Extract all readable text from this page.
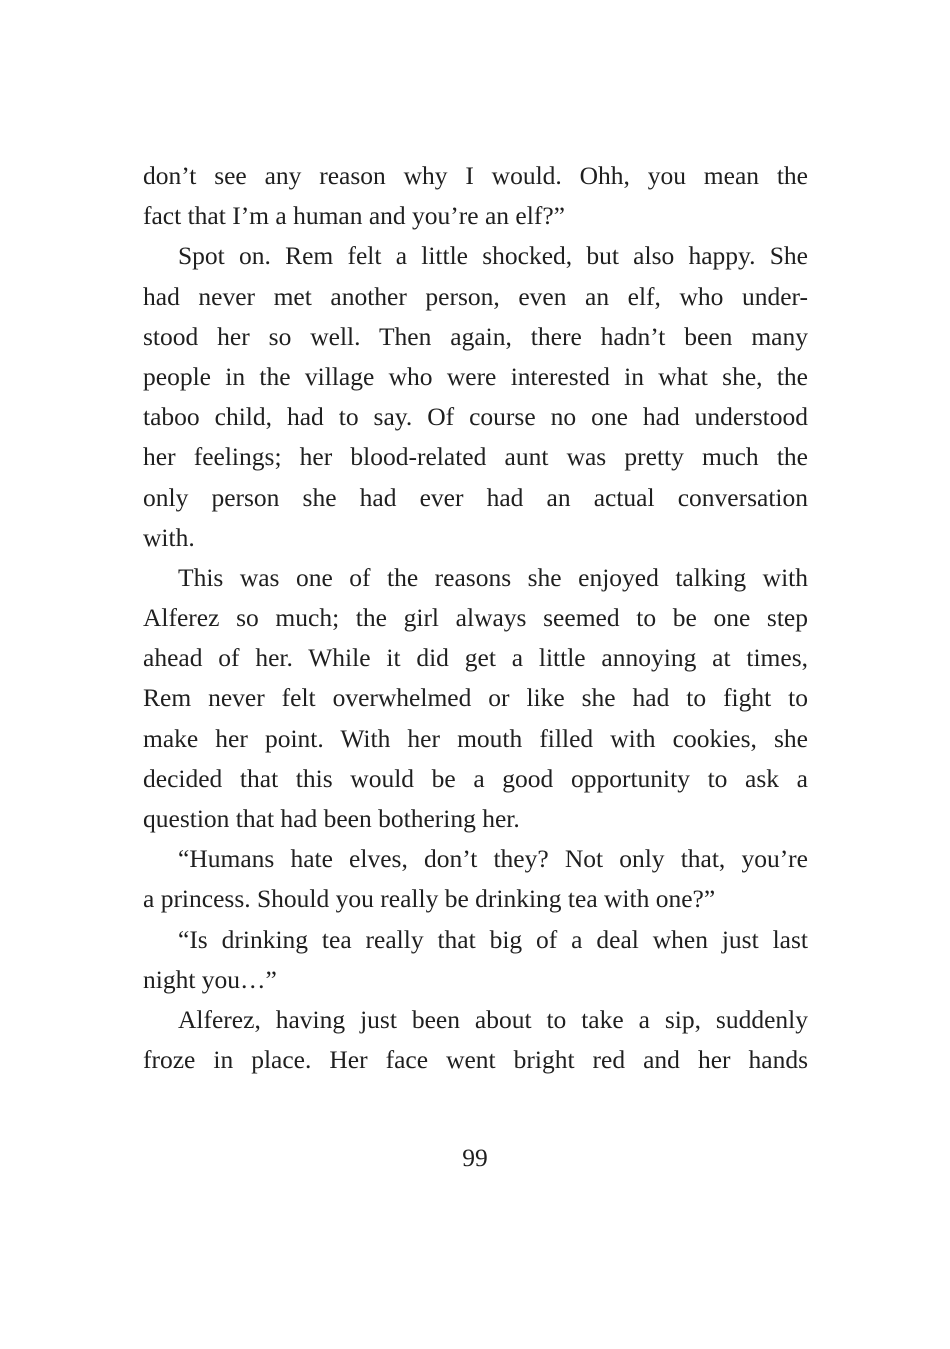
don’t see any reason why I would. Ohh, you mean the
fact that I’m a human and you’re an elf?”
Spot on. Rem felt a little shocked, but also happy. She
had never met another person, even an elf, who under-
stood her so well. Then again, there hadn’t been many
people in the village who were interested in what she, the
taboo child, had to say. Of course no one had understood
her feelings; her blood-related aunt was pretty much the
only person she had ever had an actual conversation
with.
This was one of the reasons she enjoyed talking with
Alferez so much; the girl always seemed to be one step
ahead of her. While it did get a little annoying at times,
Rem never felt overwhelmed or like she had to fight to
make her point. With her mouth filled with cookies, she
decided that this would be a good opportunity to ask a
question that had been bothering her.
“Humans hate elves, don’t they? Not only that, you’re
a princess. Should you really be drinking tea with one?”
“Is drinking tea really that big of a deal when just last
night you…”
Alferez, having just been about to take a sip, suddenly
froze in place. Her face went bright red and her hands
99
